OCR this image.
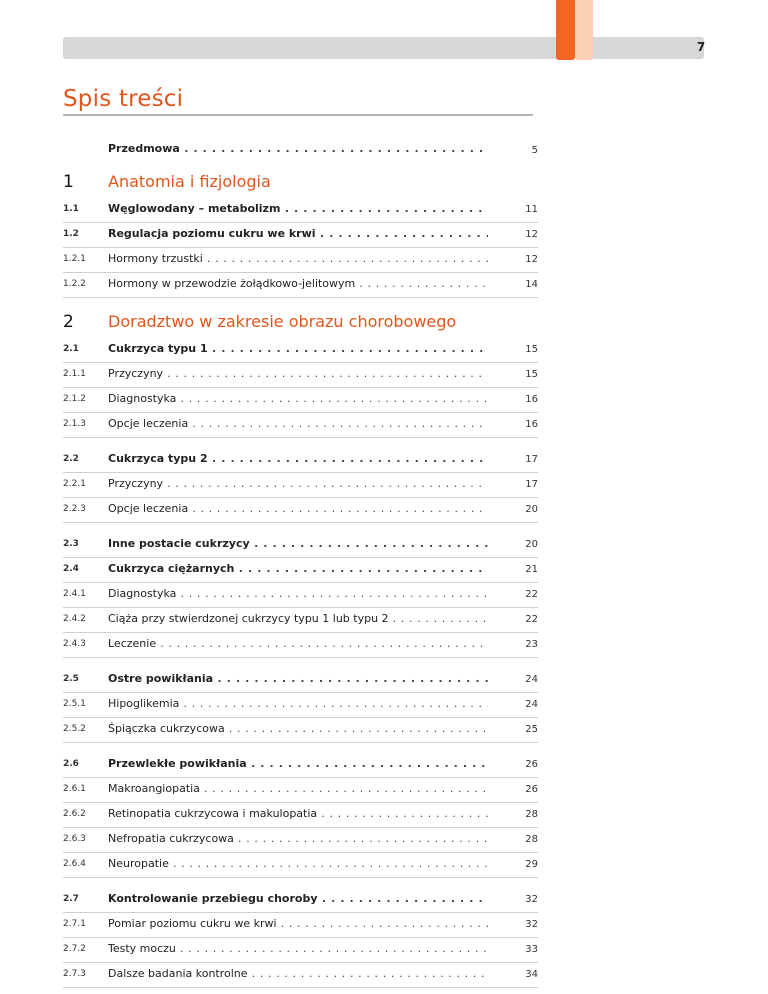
7
Spis treści
Przedmowa . . .	5
1 Anatomia i fizjologia
1.1	Węglowodany – metabolizm . . .	11
1.2	Regulacja poziomu cukru we krwi . . .	12
1.2.1 Hormony trzustki . . .	12
1.2.2 Hormony w przewodzie żołądkowo-jelitowym . . .	14
2 Doradztwo w zakresie obrazu chorobowego
2.1	Cukrzyca typu 1 . . .	15
2.1.1 Przyczyny . . .	15
2.1.2 Diagnostyka . . .	16
2.1.3 Opcje leczenia . . .	16
2.2	Cukrzyca typu 2 . . .	17
2.2.1 Przyczyny . . .	17
2.2.3 Opcje leczenia . . .	20
2.3	Inne postacie cukrzycy . . .	20
2.4	Cukrzyca ciężarnych . . .	21
2.4.1 Diagnostyka . . .	22
2.4.2 Ciąża przy stwierdzonej cukrzycy typu 1 lub typu 2 . . .	22
2.4.3 Leczenie . . .	23
2.5	Ostre powikłania . . .	24
2.5.1 Hipoglikemia . . .	24
2.5.2 Śpiączka cukrzycowa . . .	25
2.6	Przewlekłe powikłania . . .	26
2.6.1 Makroangiopatia . . .	26
2.6.2 Retinopatia cukrzycowa i makulopatia . . .	28
2.6.3 Nefropatia cukrzycowa . . .	28
2.6.4 Neuropatie . . .	29
2.7	Kontrolowanie przebiegu choroby . . .	32
2.7.1 Pomiar poziomu cukru we krwi . . .	32
2.7.2 Testy moczu . . .	33
2.7.3 Dalsze badania kontrolne . . .	34
